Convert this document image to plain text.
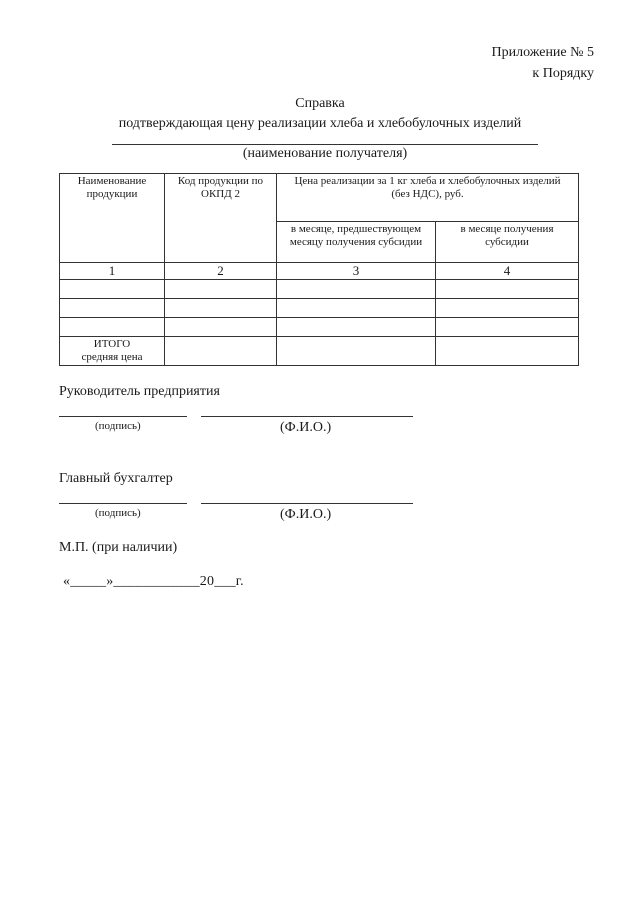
Приложение № 5
к Порядку
Справка
подтверждающая цену реализации хлеба и хлебобулочных изделий
(наименование получателя)
Наименование продукции	Код продукции по ОКПД 2	Цена реализации за 1 кг хлеба и хлебобулочных изделий
(без НДС), руб.	

		в месяце, предшествующем месяцу получения субсидии	в месяце получения субсидии
1	2	3	4

ИТОГО
средняя цена			

Руководитель предприятия
(подпись)	(Ф.И.О.)
Главный бухгалтер
(подпись)	(Ф.И.О.)
М.П. (при наличии)
«_____»____________20___г.
